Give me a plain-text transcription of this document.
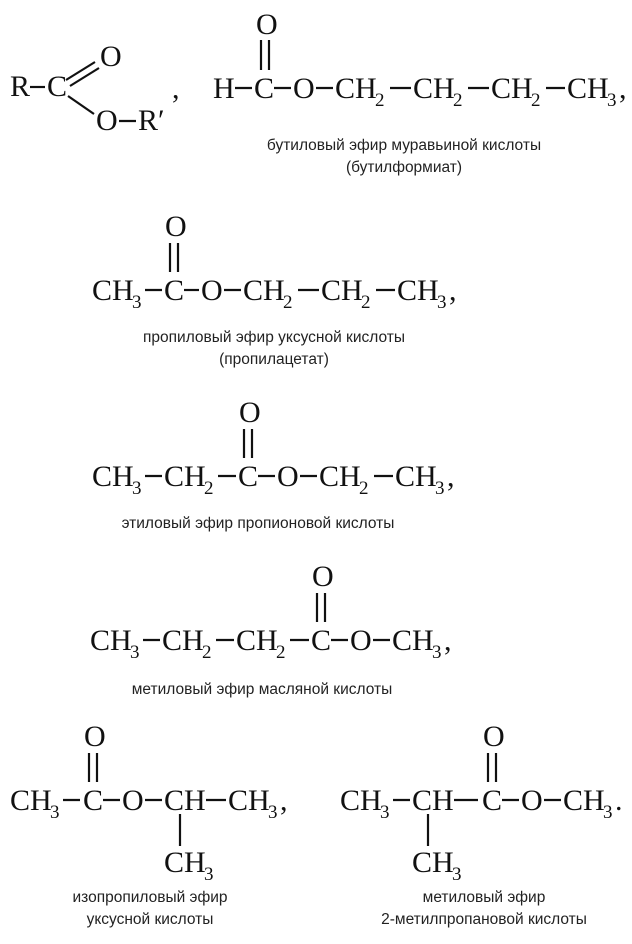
R C
O
O R′
,
O
H C O CH
2 CH
2 CH
2 CH
3 ,
бутиловый эфир муравьиной кислоты
(бутилформиат)
O
CH
3 C O CH
2 CH
2 CH
3 ,
пропиловый эфир уксусной кислоты
(пропилацетат)
O
CH
3 CH
2 C O CH
2 CH
3 ,
этиловый эфир пропионовой кислоты
O
CH
3 CH
2 CH
2 C O CH
3 ,
метиловый эфир масляной кислоты
O
CH
3 C O CH CH
3 ,
CH
3
изопропиловый эфир
уксусной кислоты
O
CH
3 CH C O CH
3 .
CH
3
метиловый эфир
2-метилпропановой кислоты
